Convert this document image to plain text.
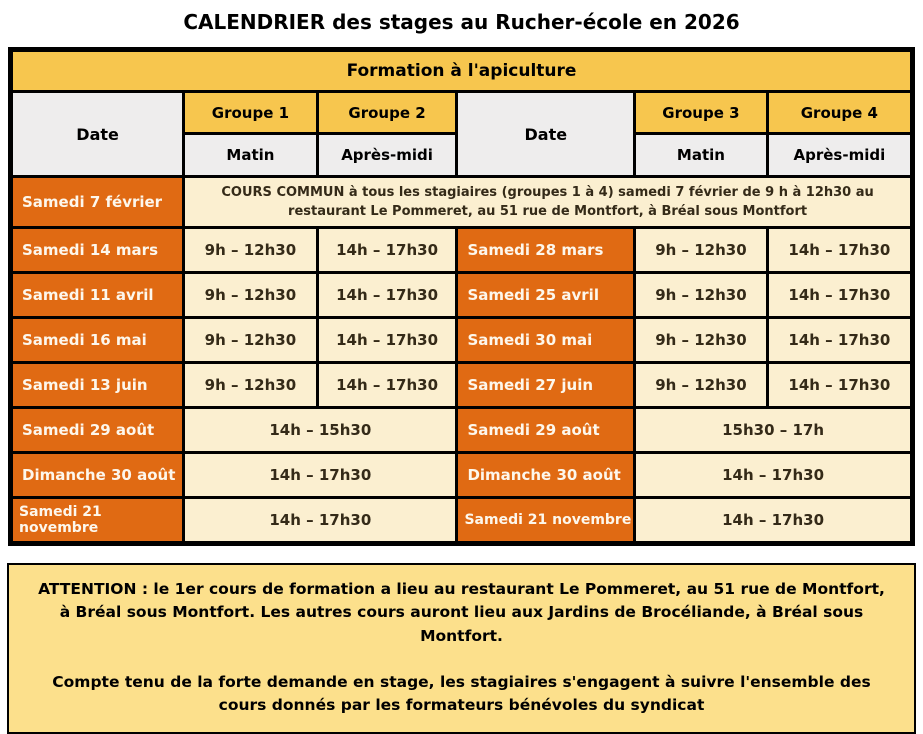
CALENDRIER des stages au Rucher-école en 2026
Formation à l'apiculture					
Date	Groupe 1	Groupe 2	Date	Groupe 3	Groupe 4
	Matin	Après-midi		Matin	Après-midi
Samedi 7 février	COURS COMMUN à tous les stagiaires (groupes 1 à 4) samedi 7 février de 9 h à 12h30 au restaurant Le Pommeret, au 51 rue de Montfort, à Bréal sous Montfort				
Samedi 14 mars	9h – 12h30	14h – 17h30	Samedi 28 mars	9h – 12h30	14h – 17h30
Samedi 11 avril	9h – 12h30	14h – 17h30	Samedi 25 avril	9h – 12h30	14h – 17h30
Samedi 16 mai	9h – 12h30	14h – 17h30	Samedi 30 mai	9h – 12h30	14h – 17h30
Samedi 13 juin	9h – 12h30	14h – 17h30	Samedi 27 juin	9h – 12h30	14h – 17h30
Samedi 29 août	14h – 15h30		Samedi 29 août	15h30 – 17h	
Dimanche 30 août	14h – 17h30		Dimanche 30 août	14h – 17h30	
Samedi 21 novembre	14h – 17h30		Samedi 21 novembre	14h – 17h30	

ATTENTION : le 1er cours de formation a lieu au restaurant Le Pommeret, au 51 rue de Montfort, à Bréal sous Montfort. Les autres cours auront lieu aux Jardins de Brocéliande, à Bréal sous Montfort.

Compte tenu de la forte demande en stage, les stagiaires s'engagent à suivre l'ensemble des cours donnés par les formateurs bénévoles du syndicat
